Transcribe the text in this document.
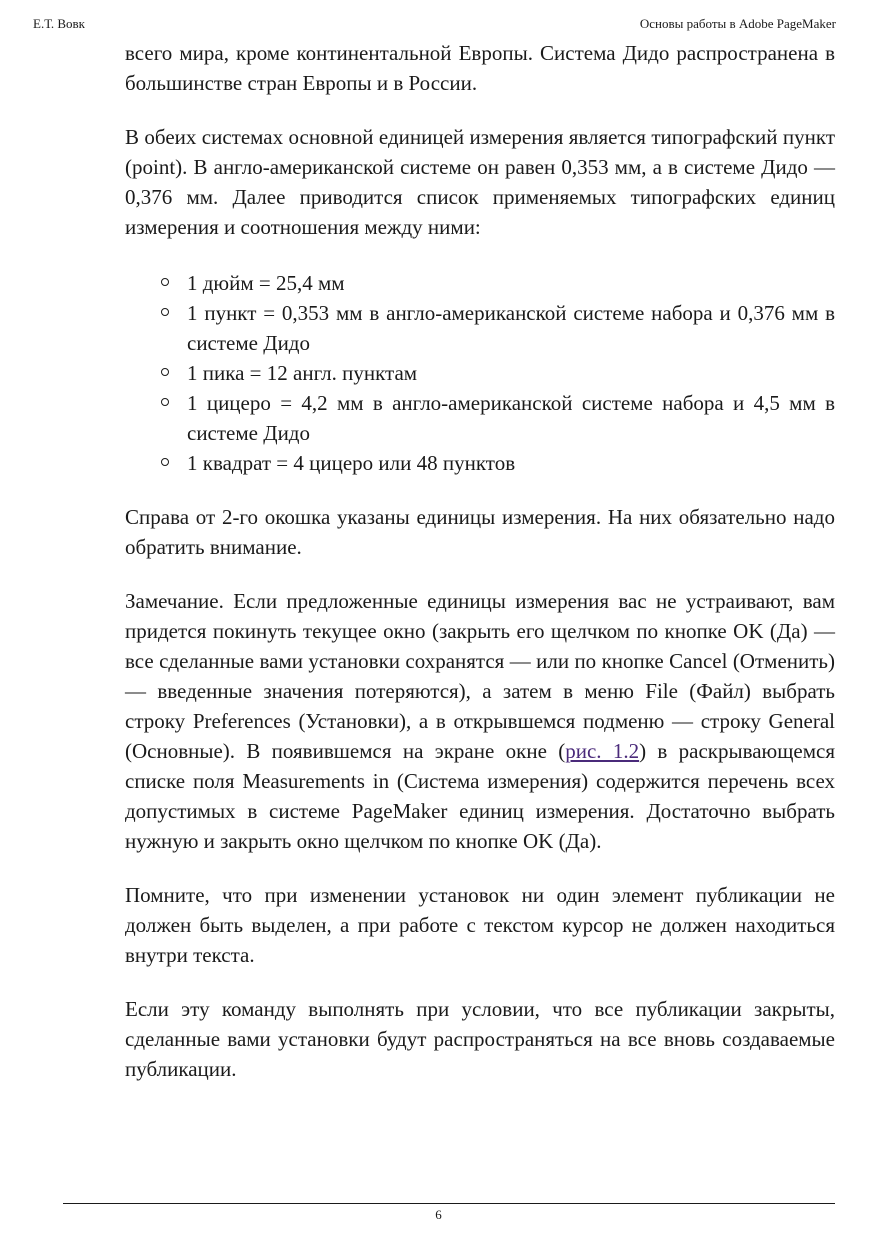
Е.Т. Вовк	Основы работы в Adobe PageMaker

всего мира, кроме континентальной Европы. Система Дидо распространена в большинстве стран Европы и в России.

В обеих системах основной единицей измерения является типографский пункт (point). В англо-американской системе он равен 0,353 мм, а в системе Дидо — 0,376 мм. Далее приводится список применяемых типографских единиц измерения и соотношения между ними:

1 дюйм = 25,4 мм
1 пункт = 0,353 мм в англо-американской системе набора и 0,376 мм в системе Дидо
1 пика = 12 англ. пунктам
1 цицеро = 4,2 мм в англо-американской системе набора и 4,5 мм в системе Дидо
1 квадрат = 4 цицеро или 48 пунктов

Справа от 2-го окошка указаны единицы измерения. На них обязательно надо обратить внимание.

Замечание. Если предложенные единицы измерения вас не устраивают, вам придется покинуть текущее окно (закрыть его щелчком по кнопке OK (Да) — все сделанные вами установки сохранятся — или по кнопке Cancel (Отменить) — введенные значения потеряются), а затем в меню File (Файл) выбрать строку Preferences (Установки), а в открывшемся подменю — строку General (Основные). В появившемся на экране окне (рис. 1.2) в раскрывающемся списке поля Measurements in (Система измерения) содержится перечень всех допустимых в системе PageMaker единиц измерения. Достаточно выбрать нужную и закрыть окно щелчком по кнопке OK (Да).

Помните, что при изменении установок ни один элемент публикации не должен быть выделен, а при работе с текстом курсор не должен находиться внутри текста.

Если эту команду выполнять при условии, что все публикации закрыты, сделанные вами установки будут распространяться на все вновь создаваемые публикации.

6
